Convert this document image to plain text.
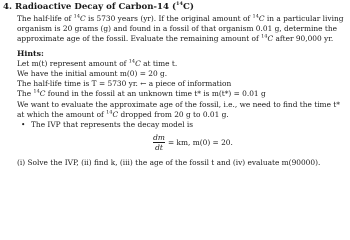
4. Radioactive Decay of Carbon-14 ($^{14}$C)
The half-life of $^{14}$C is 5730 years (yr). If the original amount of $^{14}$C in a particular living organism is 20 grams (g) and found in a fossil of that organism 0.01 g, determine the approximate age of the fossil. Evaluate the remaining amount of $^{14}$C after 90,000 yr.
Hints:
Let m(t) represent amount of $^{14}$C at time t.
We have the initial amount m(0) = 20 g.
The half-life time is T = 5730 yr. ← a piece of information
The $^{14}$C found in the fossil at an unknown time t* is m(t*) = 0.01 g
We want to evaluate the approximate age of the fossil, i.e., we need to find the time t* at which the amount of $^{14}$C dropped from 20 g to 0.01 g.
• The IVP that represents the decay model is
dm
dt
= km, m(0) = 20.
(i) Solve the IVP, (ii) find k, (iii) the age of the fossil t and (iv) evaluate m(90000).
